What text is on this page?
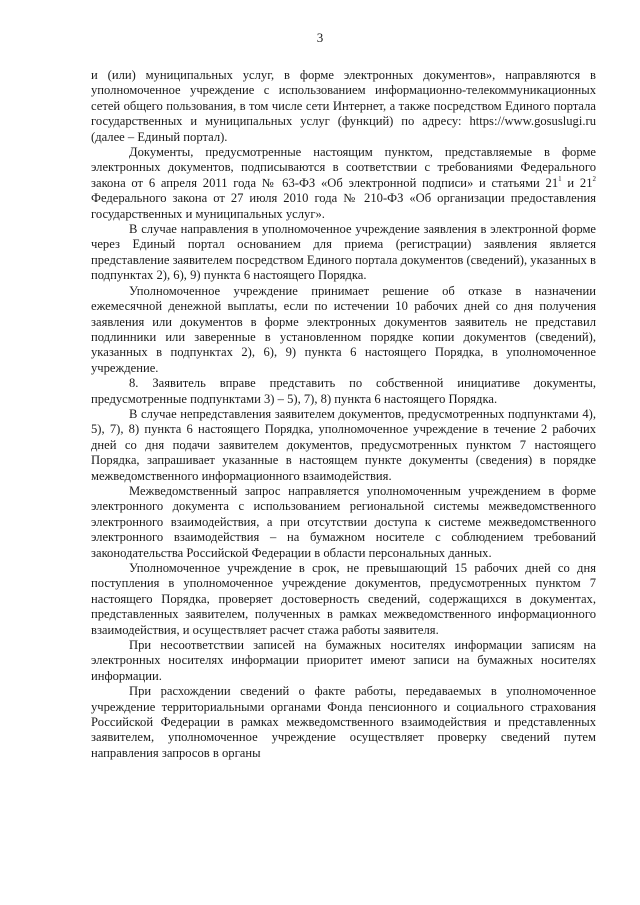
3

и (или) муниципальных услуг, в форме электронных документов», направляются в уполномоченное учреждение с использованием информационно-телекоммуникационных сетей общего пользования, в том числе сети Интернет, а также посредством Единого портала государственных и муниципальных услуг (функций) по адресу: https://www.gosuslugi.ru (далее – Единый портал).

Документы, предусмотренные настоящим пунктом, представляемые в форме электронных документов, подписываются в соответствии с требованиями Федерального закона от 6 апреля 2011 года № 63-ФЗ «Об электронной подписи» и статьями $21^1$ и $21^2$ Федерального закона от 27 июля 2010 года № 210-ФЗ «Об организации предоставления государственных и муниципальных услуг».

В случае направления в уполномоченное учреждение заявления в электронной форме через Единый портал основанием для приема (регистрации) заявления является представление заявителем посредством Единого портала документов (сведений), указанных в подпунктах 2), 6), 9) пункта 6 настоящего Порядка.

Уполномоченное учреждение принимает решение об отказе в назначении ежемесячной денежной выплаты, если по истечении 10 рабочих дней со дня получения заявления или документов в форме электронных документов заявитель не представил подлинники или заверенные в установленном порядке копии документов (сведений), указанных в подпунктах 2), 6), 9) пункта 6 настоящего Порядка, в уполномоченное учреждение.

8. Заявитель вправе представить по собственной инициативе документы, предусмотренные подпунктами 3) – 5), 7), 8) пункта 6 настоящего Порядка.

В случае непредставления заявителем документов, предусмотренных подпунктами 4), 5), 7), 8) пункта 6 настоящего Порядка, уполномоченное учреждение в течение 2 рабочих дней со дня подачи заявителем документов, предусмотренных пунктом 7 настоящего Порядка, запрашивает указанные в настоящем пункте документы (сведения) в порядке межведомственного информационного взаимодействия.

Межведомственный запрос направляется уполномоченным учреждением в форме электронного документа с использованием региональной системы межведомственного электронного взаимодействия, а при отсутствии доступа к системе межведомственного электронного взаимодействия – на бумажном носителе с соблюдением требований законодательства Российской Федерации в области персональных данных.

Уполномоченное учреждение в срок, не превышающий 15 рабочих дней со дня поступления в уполномоченное учреждение документов, предусмотренных пунктом 7 настоящего Порядка, проверяет достоверность сведений, содержащихся в документах, представленных заявителем, полученных в рамках межведомственного информационного взаимодействия, и осуществляет расчет стажа работы заявителя.

При несоответствии записей на бумажных носителях информации записям на электронных носителях информации приоритет имеют записи на бумажных носителях информации.

При расхождении сведений о факте работы, передаваемых в уполномоченное учреждение территориальными органами Фонда пенсионного и социального страхования Российской Федерации в рамках межведомственного взаимодействия и представленных заявителем, уполномоченное учреждение осуществляет проверку сведений путем направления запросов в органы
